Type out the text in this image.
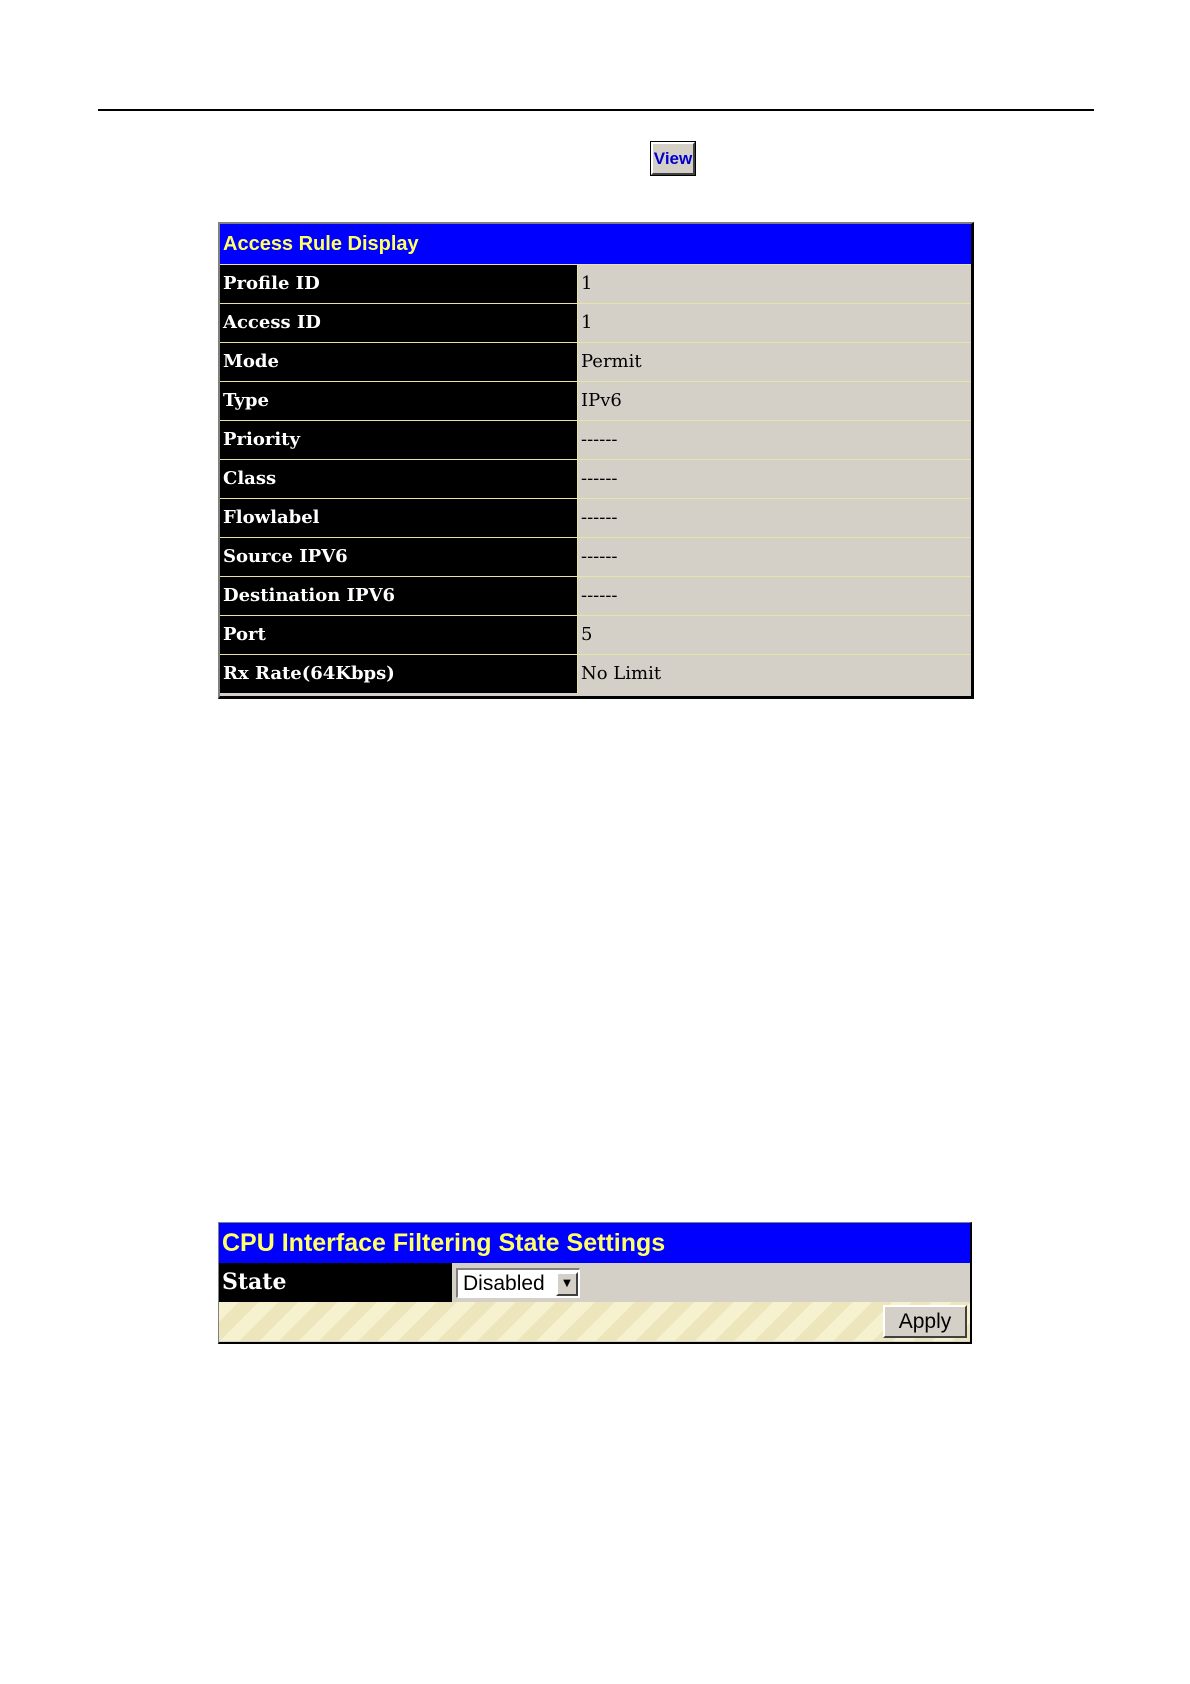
View
Access Rule Display
Profile ID	1
Access ID	1
Mode	Permit
Type	IPv6
Priority	------
Class	------
Flowlabel	------
Source IPV6	------
Destination IPV6	------
Port	5
Rx Rate(64Kbps)	No Limit
CPU Interface Filtering State Settings
State	Disabled	▼
Apply
